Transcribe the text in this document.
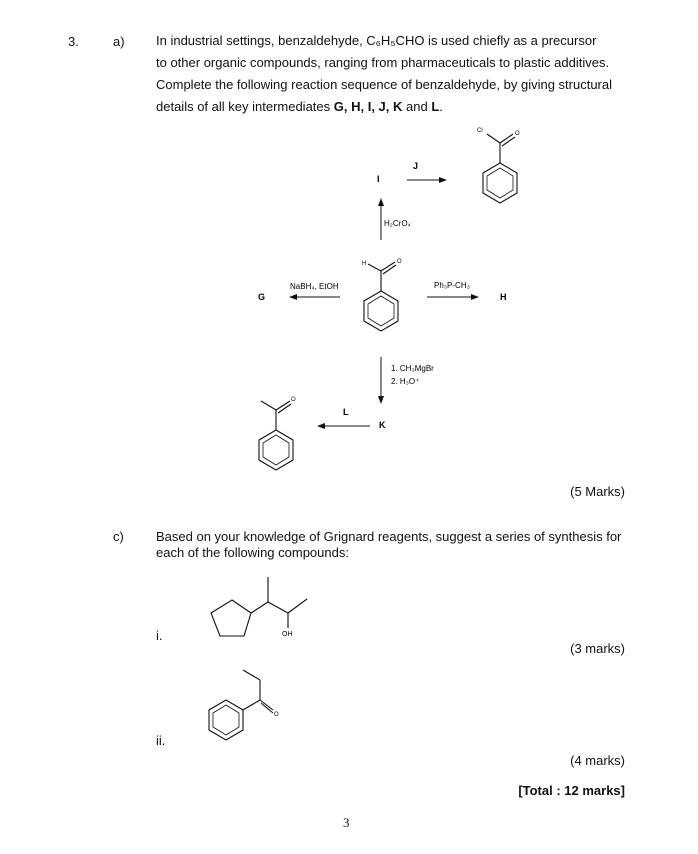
3.	a) In industrial settings, benzaldehyde, C₆H₅CHO is used chiefly as a precursor
to other organic compounds, ranging from pharmaceuticals to plastic additives.
Complete the following reaction sequence of benzaldehyde, by giving structural
details of all key intermediates G, H, I, J, K and L.
H	O
Cl	O
O
I
J
G	H
K
L
H₂CrO₄
NaBH₄, EtOH	Ph₃P-CH₃
1. CH₃MgBr
2. H₃O⁺
OH
O
(5 Marks)
c) Based on your knowledge of Grignard reagents, suggest a series of synthesis for
each of the following compounds:
i.
(3 marks)
ii.
(4 marks)
[Total : 12 marks]
3
